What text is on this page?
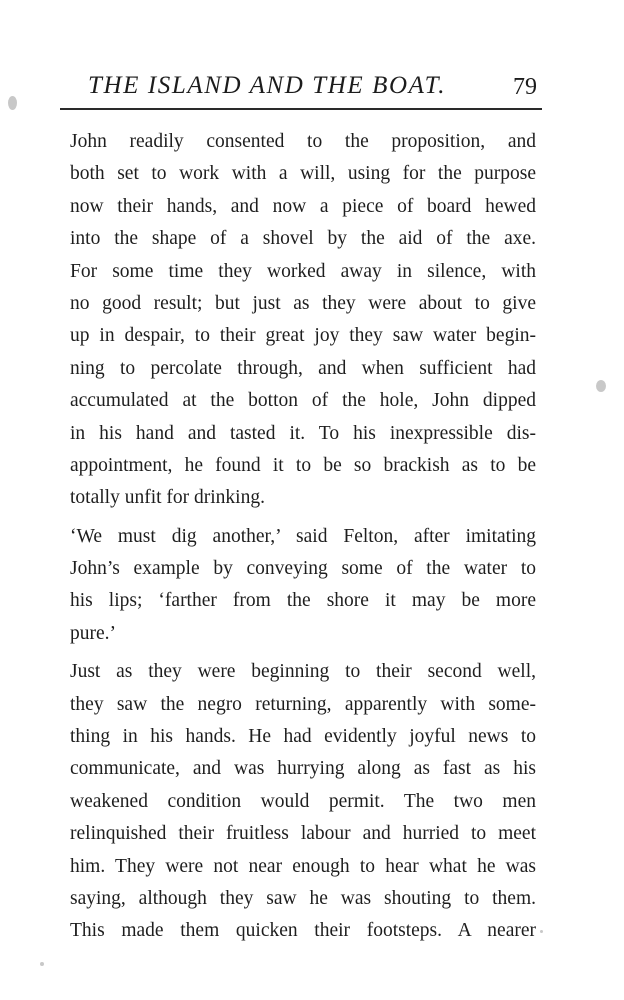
THE ISLAND AND THE BOAT.	79
John readily consented to the proposition, and
both set to work with a will, using for the purpose
now their hands, and now a piece of board hewed
into the shape of a shovel by the aid of the axe.
For some time they worked away in silence, with
no good result; but just as they were about to give
up in despair, to their great joy they saw water begin-
ning to percolate through, and when sufficient had
accumulated at the botton of the hole, John dipped
in his hand and tasted it. To his inexpressible dis-
appointment, he found it to be so brackish as to be
totally unfit for drinking.
‘We must dig another,’ said Felton, after imitating
John’s example by conveying some of the water to
his lips; ‘farther from the shore it may be more
pure.’
Just as they were beginning to their second well,
they saw the negro returning, apparently with some-
thing in his hands. He had evidently joyful news to
communicate, and was hurrying along as fast as his
weakened condition would permit. The two men
relinquished their fruitless labour and hurried to meet
him. They were not near enough to hear what he was
saying, although they saw he was shouting to them.
This made them quicken their footsteps. A nearer
